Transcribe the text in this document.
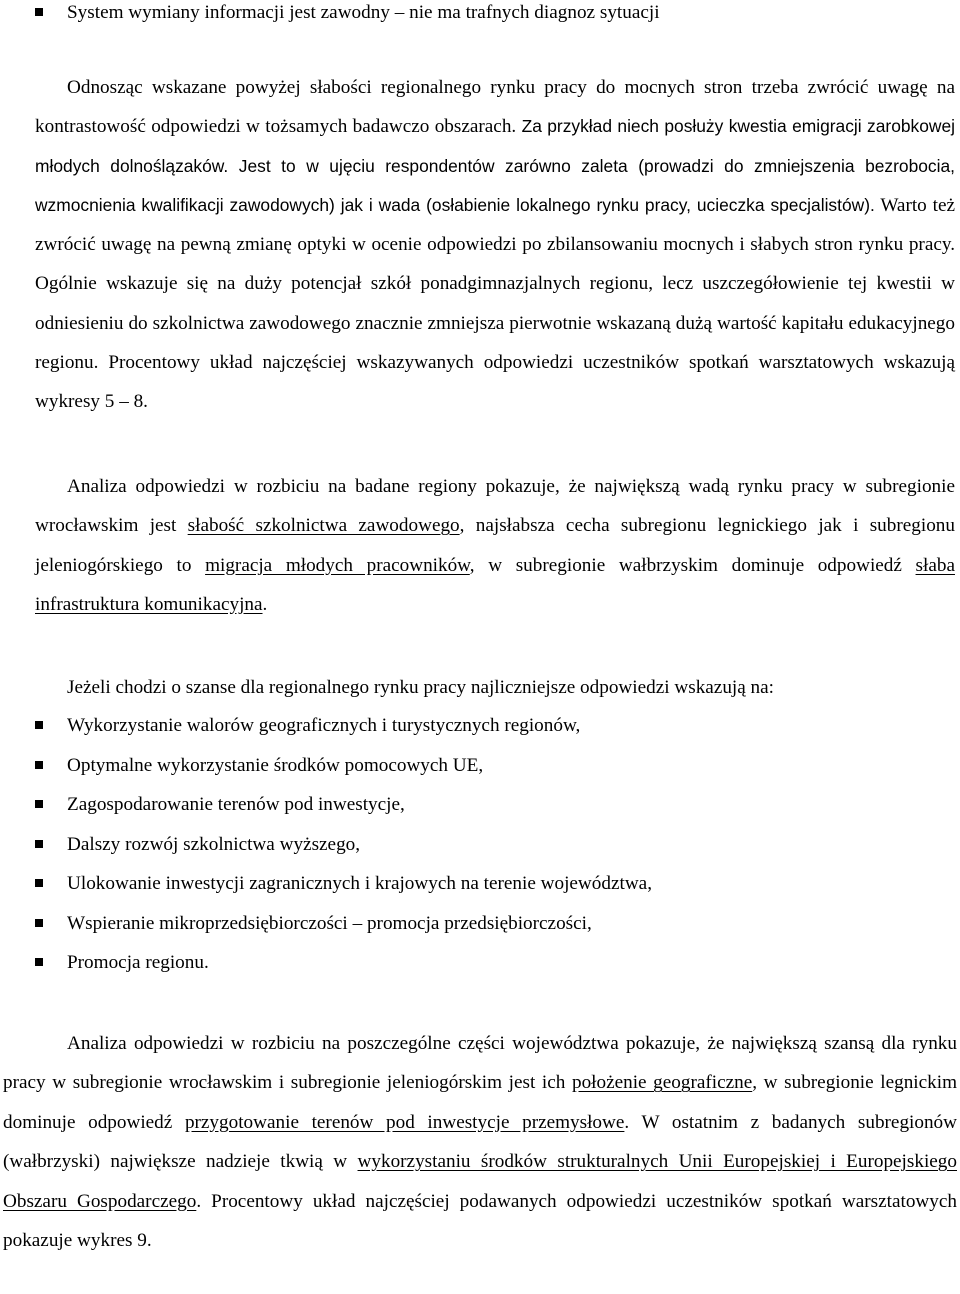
System wymiany informacji jest zawodny – nie ma trafnych diagnoz sytuacji

Odnosząc wskazane powyżej słabości regionalnego rynku pracy do mocnych stron trzeba zwrócić uwagę na kontrastowość odpowiedzi w tożsamych badawczo obszarach. Za przykład niech posłuży kwestia emigracji zarobkowej młodych dolnoślązaków. Jest to w ujęciu respondentów zarówno zaleta (prowadzi do zmniejszenia bezrobocia, wzmocnienia kwalifikacji zawodowych) jak i wada (osłabienie lokalnego rynku pracy, ucieczka specjalistów). Warto też zwrócić uwagę na pewną zmianę optyki w ocenie odpowiedzi po zbilansowaniu mocnych i słabych stron rynku pracy. Ogólnie wskazuje się na duży potencjał szkół ponadgimnazjalnych regionu, lecz uszczegółowienie tej kwestii w odniesieniu do szkolnictwa zawodowego znacznie zmniejsza pierwotnie wskazaną dużą wartość kapitału edukacyjnego regionu. Procentowy układ najczęściej wskazywanych odpowiedzi uczestników spotkań warsztatowych wskazują wykresy 5 – 8.

Analiza odpowiedzi w rozbiciu na badane regiony pokazuje, że największą wadą rynku pracy w subregionie wrocławskim jest słabość szkolnictwa zawodowego, najsłabsza cecha subregionu legnickiego jak i subregionu jeleniogórskiego to migracja młodych pracowników, w subregionie wałbrzyskim dominuje odpowiedź słaba infrastruktura komunikacyjna.

Jeżeli chodzi o szanse dla regionalnego rynku pracy najliczniejsze odpowiedzi wskazują na:
Wykorzystanie walorów geograficznych i turystycznych regionów,
Optymalne wykorzystanie środków pomocowych UE,
Zagospodarowanie terenów pod inwestycje,
Dalszy rozwój szkolnictwa wyższego,
Ulokowanie inwestycji zagranicznych i krajowych na terenie województwa,
Wspieranie mikroprzedsiębiorczości – promocja przedsiębiorczości,
Promocja regionu.

Analiza odpowiedzi w rozbiciu na poszczególne części województwa pokazuje, że największą szansą dla rynku pracy w subregionie wrocławskim i subregionie jeleniogórskim jest ich położenie geograficzne, w subregionie legnickim dominuje odpowiedź przygotowanie terenów pod inwestycje przemysłowe. W ostatnim z badanych subregionów (wałbrzyski) największe nadzieje tkwią w wykorzystaniu środków strukturalnych Unii Europejskiej i Europejskiego Obszaru Gospodarczego. Procentowy układ najczęściej podawanych odpowiedzi uczestników spotkań warsztatowych pokazuje wykres 9.
